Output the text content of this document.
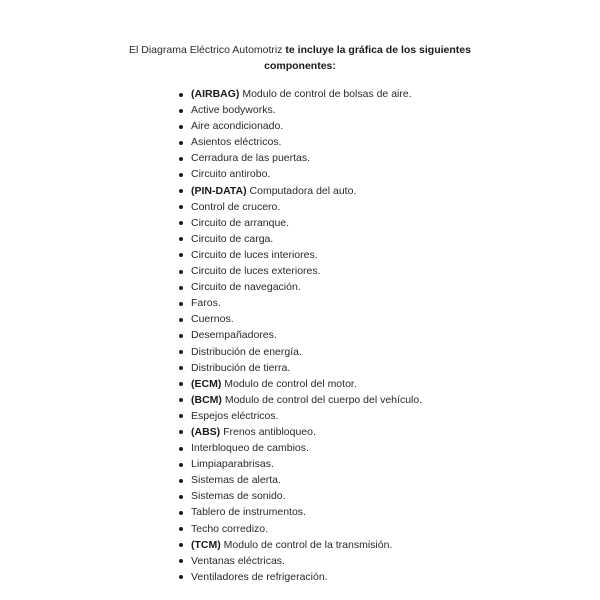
El Diagrama Eléctrico Automotriz te incluye la gráfica de los siguientes
componentes:
(AIRBAG) Modulo de control de bolsas de aire.
Active bodyworks.
Aire acondicionado.
Asientos eléctricos.
Cerradura de las puertas.
Circuito antirobo.
(PIN-DATA) Computadora del auto.
Control de crucero.
Circuito de arranque.
Circuito de carga.
Circuito de luces interiores.
Circuito de luces exteriores.
Circuito de navegación.
Faros.
Cuernos.
Desempañadores.
Distribución de energía.
Distribución de tierra.
(ECM) Modulo de control del motor.
(BCM) Modulo de control del cuerpo del vehículo.
Espejos eléctricos.
(ABS) Frenos antibloqueo.
Interbloqueo de cambios.
Limpiaparabrisas.
Sistemas de alerta.
Sistemas de sonido.
Tablero de instrumentos.
Techo corredizo.
(TCM) Modulo de control de la transmisión.
Ventanas eléctricas.
Ventiladores de refrigeración.
